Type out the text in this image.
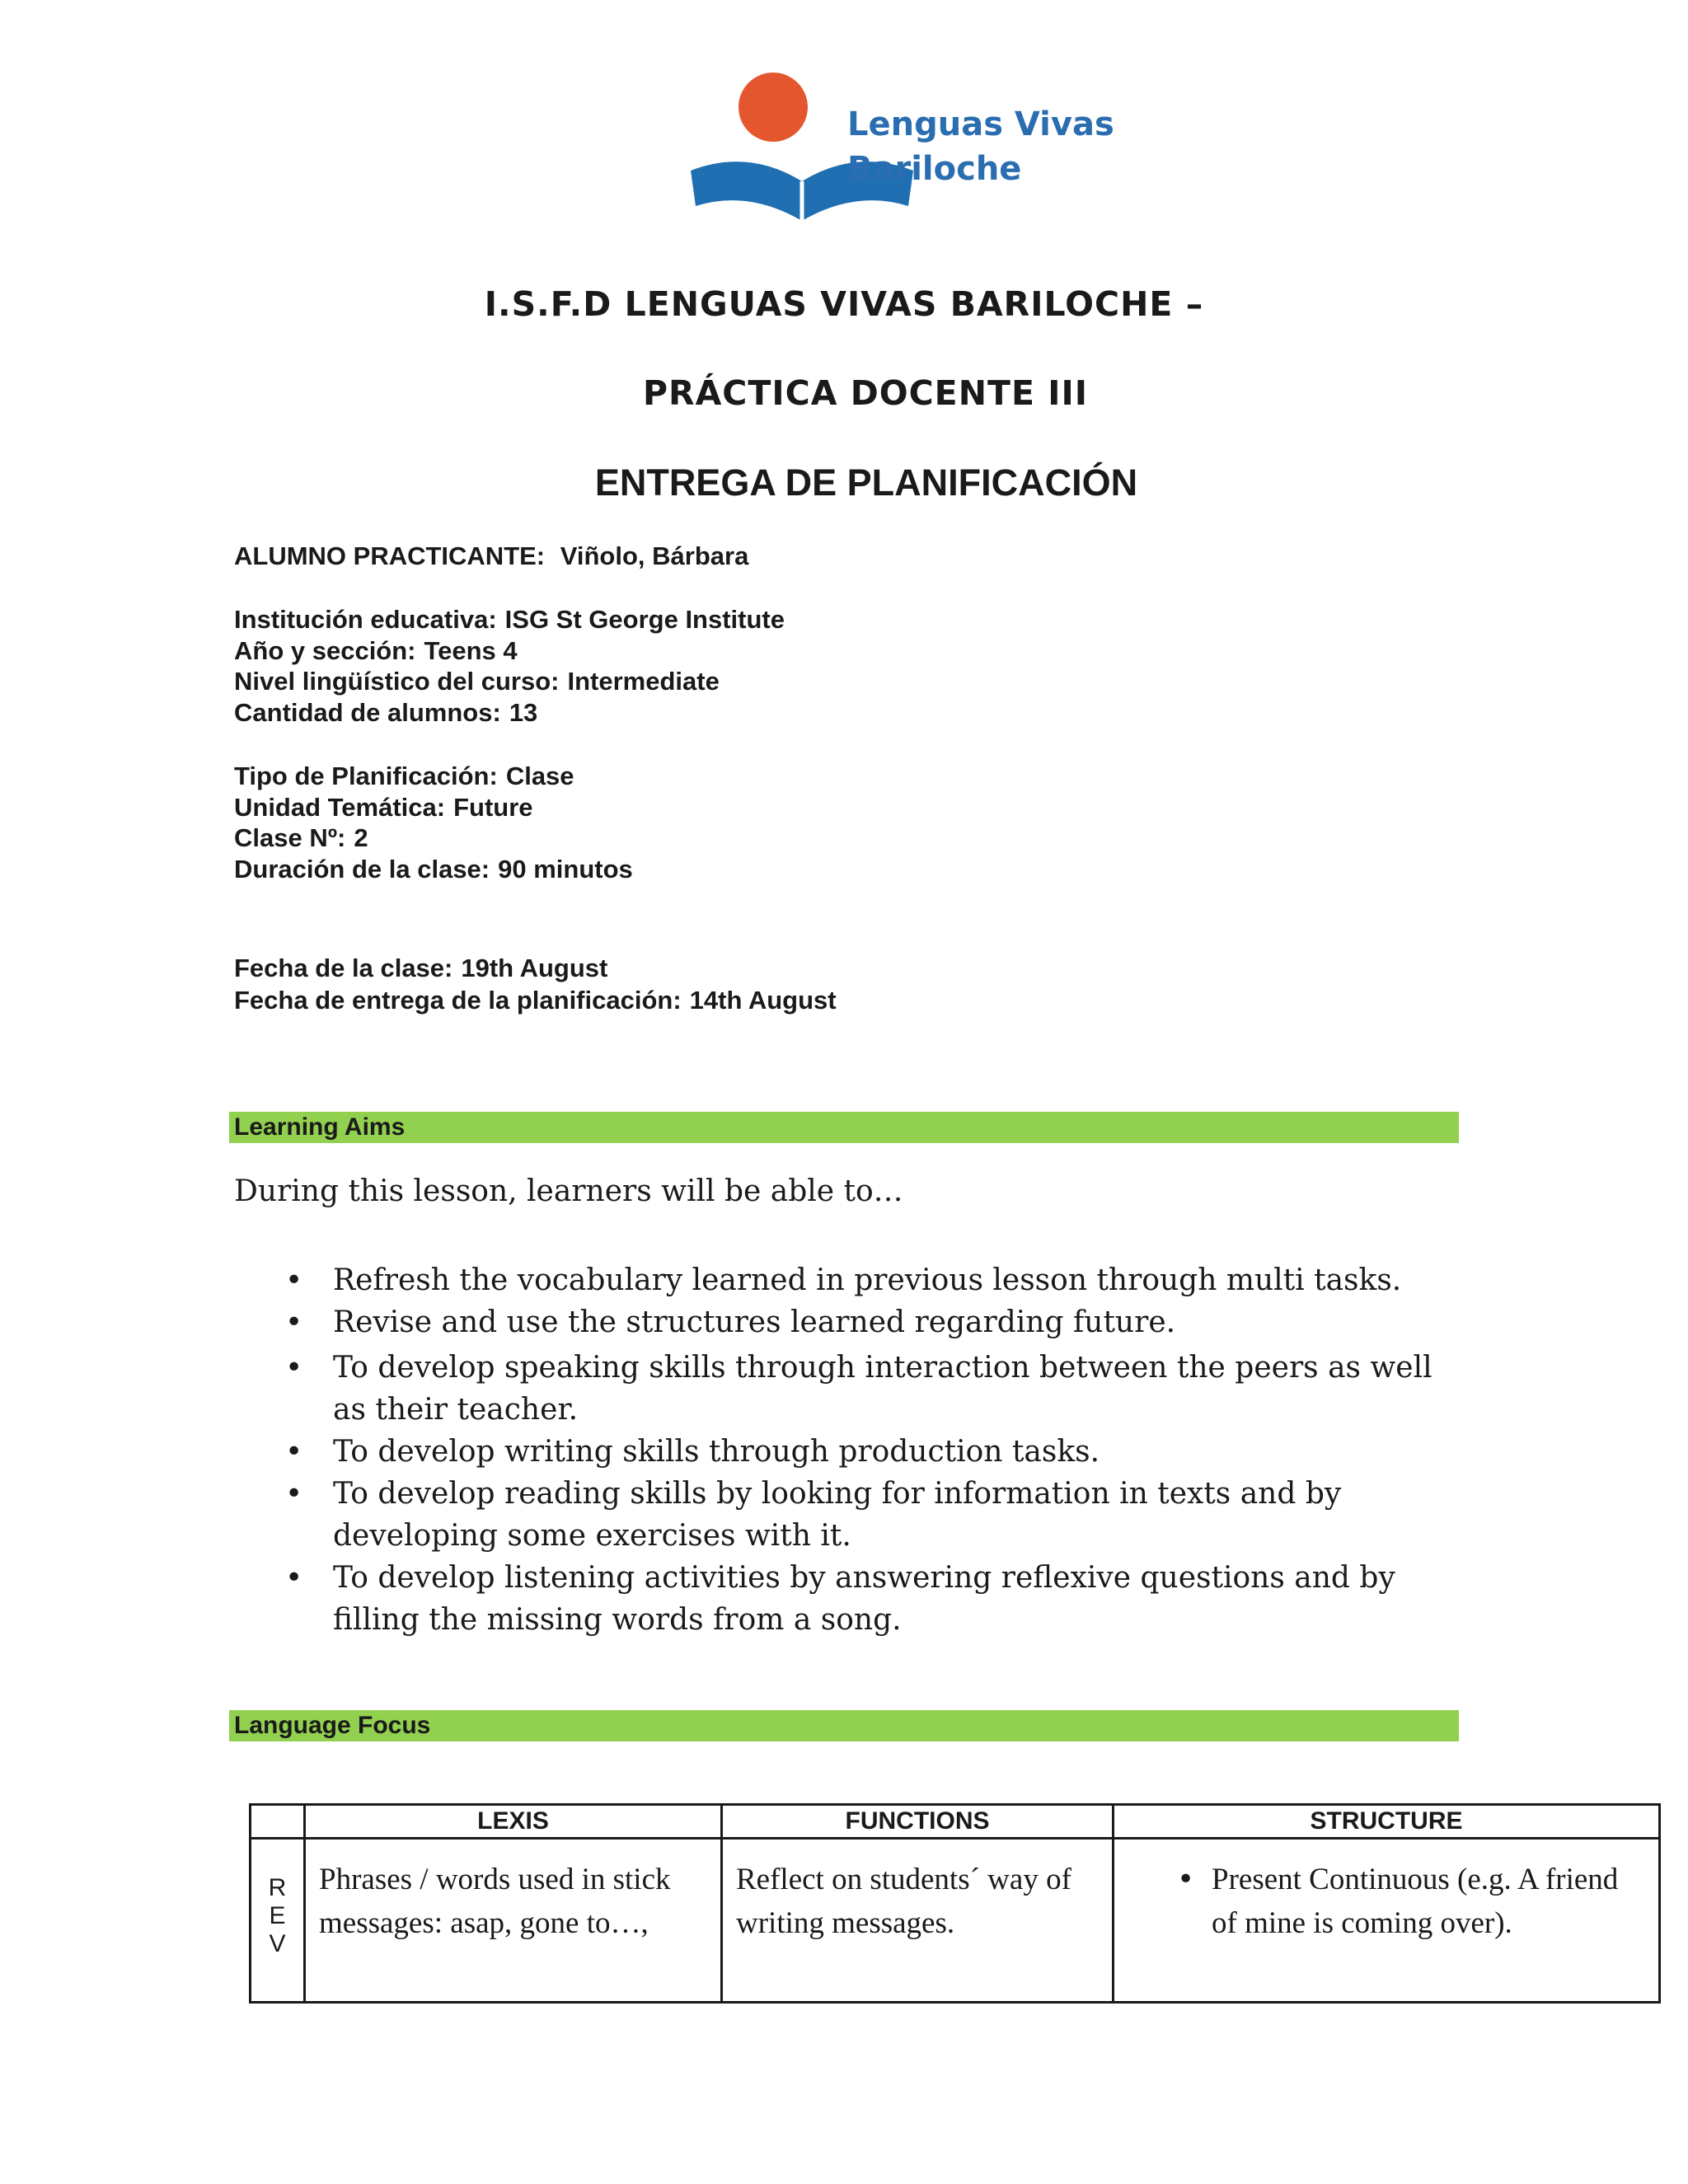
Lenguas Vivas
Bariloche
I.S.F.D LENGUAS VIVAS BARILOCHE –
PRÁCTICA DOCENTE III
ENTREGA DE PLANIFICACIÓN
ALUMNO PRACTICANTE: Viñolo, Bárbara
Institución educativa: ISG St George Institute
Año y sección: Teens 4
Nivel lingüístico del curso: Intermediate
Cantidad de alumnos: 13
Tipo de Planificación: Clase
Unidad Temática: Future
Clase Nº: 2
Duración de la clase: 90 minutos
Fecha de la clase: 19th August
Fecha de entrega de la planificación: 14th August
Learning Aims
During this lesson, learners will be able to…
• Refresh the vocabulary learned in previous lesson through multi tasks.
• Revise and use the structures learned regarding future.
• To develop speaking skills through interaction between the peers as well as their teacher.
• To develop writing skills through production tasks.
• To develop reading skills by looking for information in texts and by developing some exercises with it.
• To develop listening activities by answering reflexive questions and by filling the missing words from a song.
Language Focus
	LEXIS	FUNCTIONS	STRUCTURE

R
E
V	Phrases / words used in stick messages: asap, gone to…,	Reflect on students´ way of writing messages.	• Present Continuous (e.g. A friend of mine is coming over).
